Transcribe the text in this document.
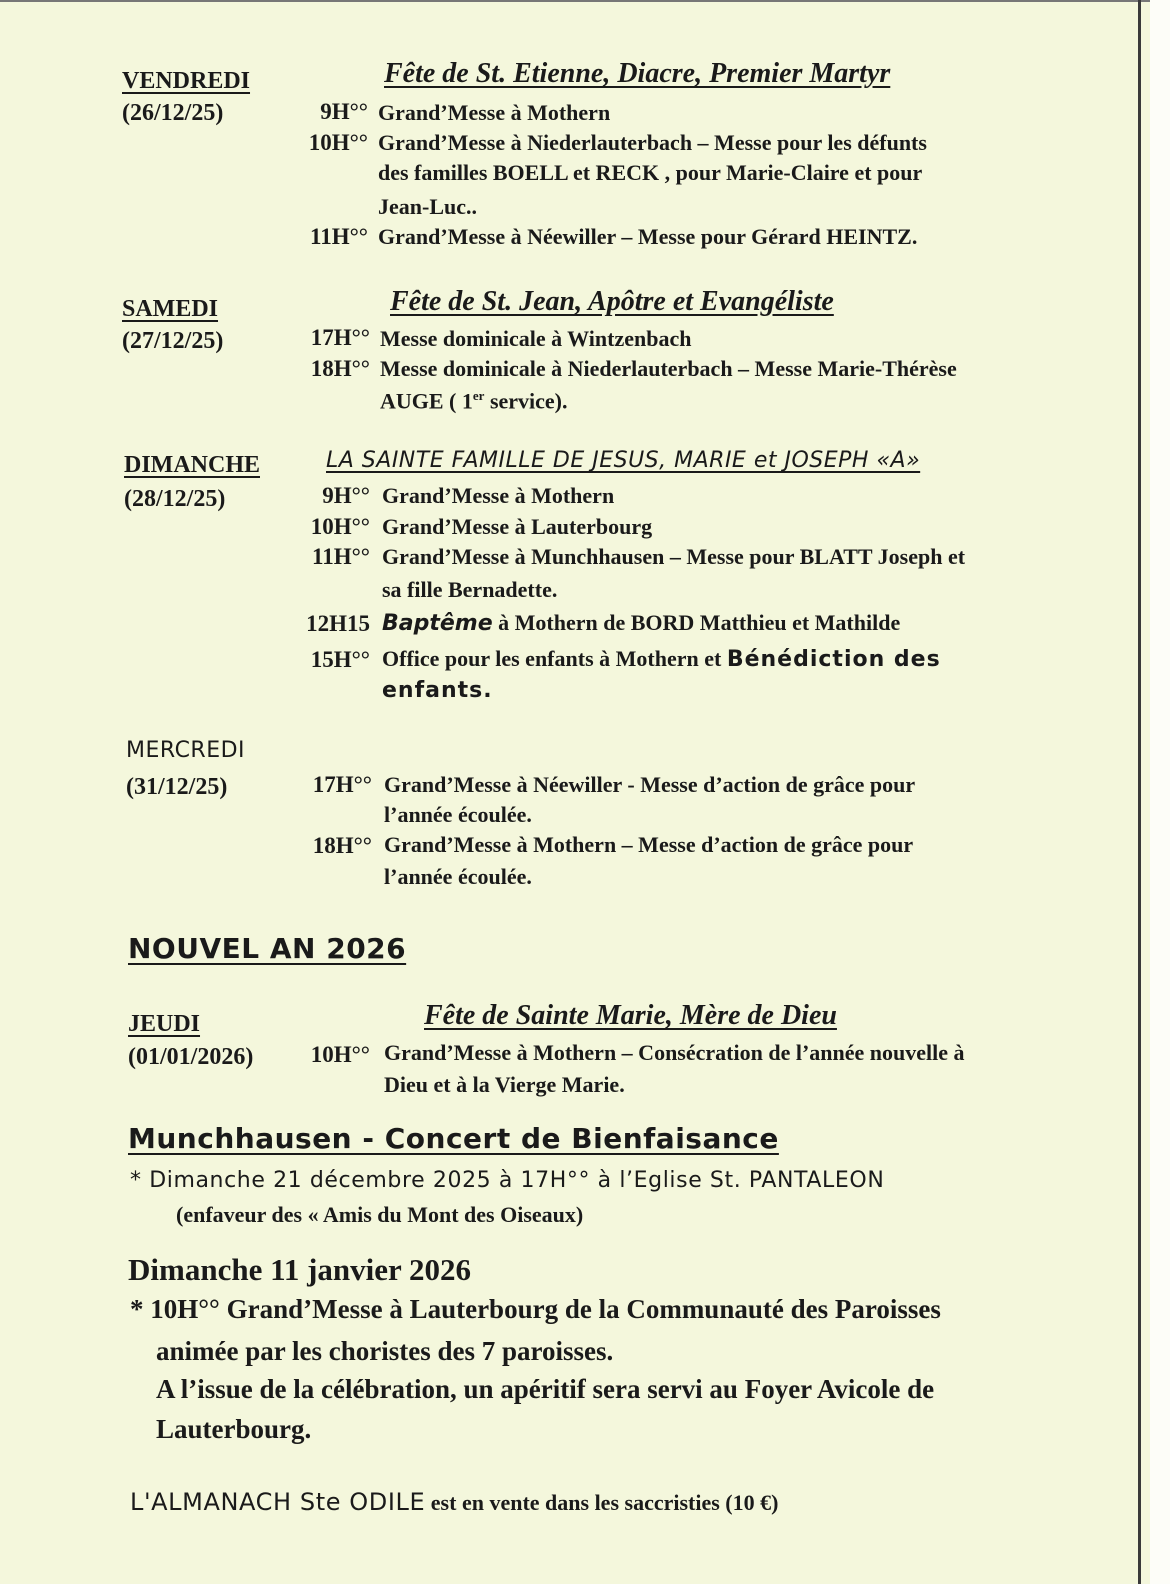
VENDREDI
(26/12/25)
Fête de St. Etienne, Diacre, Premier Martyr
9H°° Grand’Messe à Mothern
10H°° Grand’Messe à Niederlauterbach – Messe pour les défunts
des familles BOELL et RECK , pour Marie-Claire et pour
Jean-Luc..
11H°° Grand’Messe à Néewiller – Messe pour Gérard HEINTZ.
SAMEDI
(27/12/25)
Fête de St. Jean, Apôtre et Evangéliste
17H°° Messe dominicale à Wintzenbach
18H°° Messe dominicale à Niederlauterbach – Messe Marie-Thérèse
AUGE ( 1er service).
DIMANCHE
(28/12/25)
LA SAINTE FAMILLE DE JESUS, MARIE et JOSEPH «A»
9H°° Grand’Messe à Mothern
10H°° Grand’Messe à Lauterbourg
11H°° Grand’Messe à Munchhausen – Messe pour BLATT Joseph et
sa fille Bernadette.
12H15 Baptême à Mothern de BORD Matthieu et Mathilde
15H°° Office pour les enfants à Mothern et Bénédiction des
enfants.
MERCREDI
(31/12/25)	17H°° Grand’Messe à Néewiller - Messe d’action de grâce pour
l’année écoulée.
18H°° Grand’Messe à Mothern – Messe d’action de grâce pour
l’année écoulée.
NOUVEL AN 2026
JEUDI
(01/01/2026)
Fête de Sainte Marie, Mère de Dieu
10H°° Grand’Messe à Mothern – Consécration de l’année nouvelle à
Dieu et à la Vierge Marie.
Munchhausen - Concert de Bienfaisance
* Dimanche 21 décembre 2025 à 17H°° à l’Eglise St. PANTALEON
(enfaveur des « Amis du Mont des Oiseaux)
Dimanche 11 janvier 2026
* 10H°° Grand’Messe à Lauterbourg de la Communauté des Paroisses
animée par les choristes des 7 paroisses.
A l’issue de la célébration, un apéritif sera servi au Foyer Avicole de
Lauterbourg.
L'ALMANACH Ste ODILE est en vente dans les saccristies (10 €)
